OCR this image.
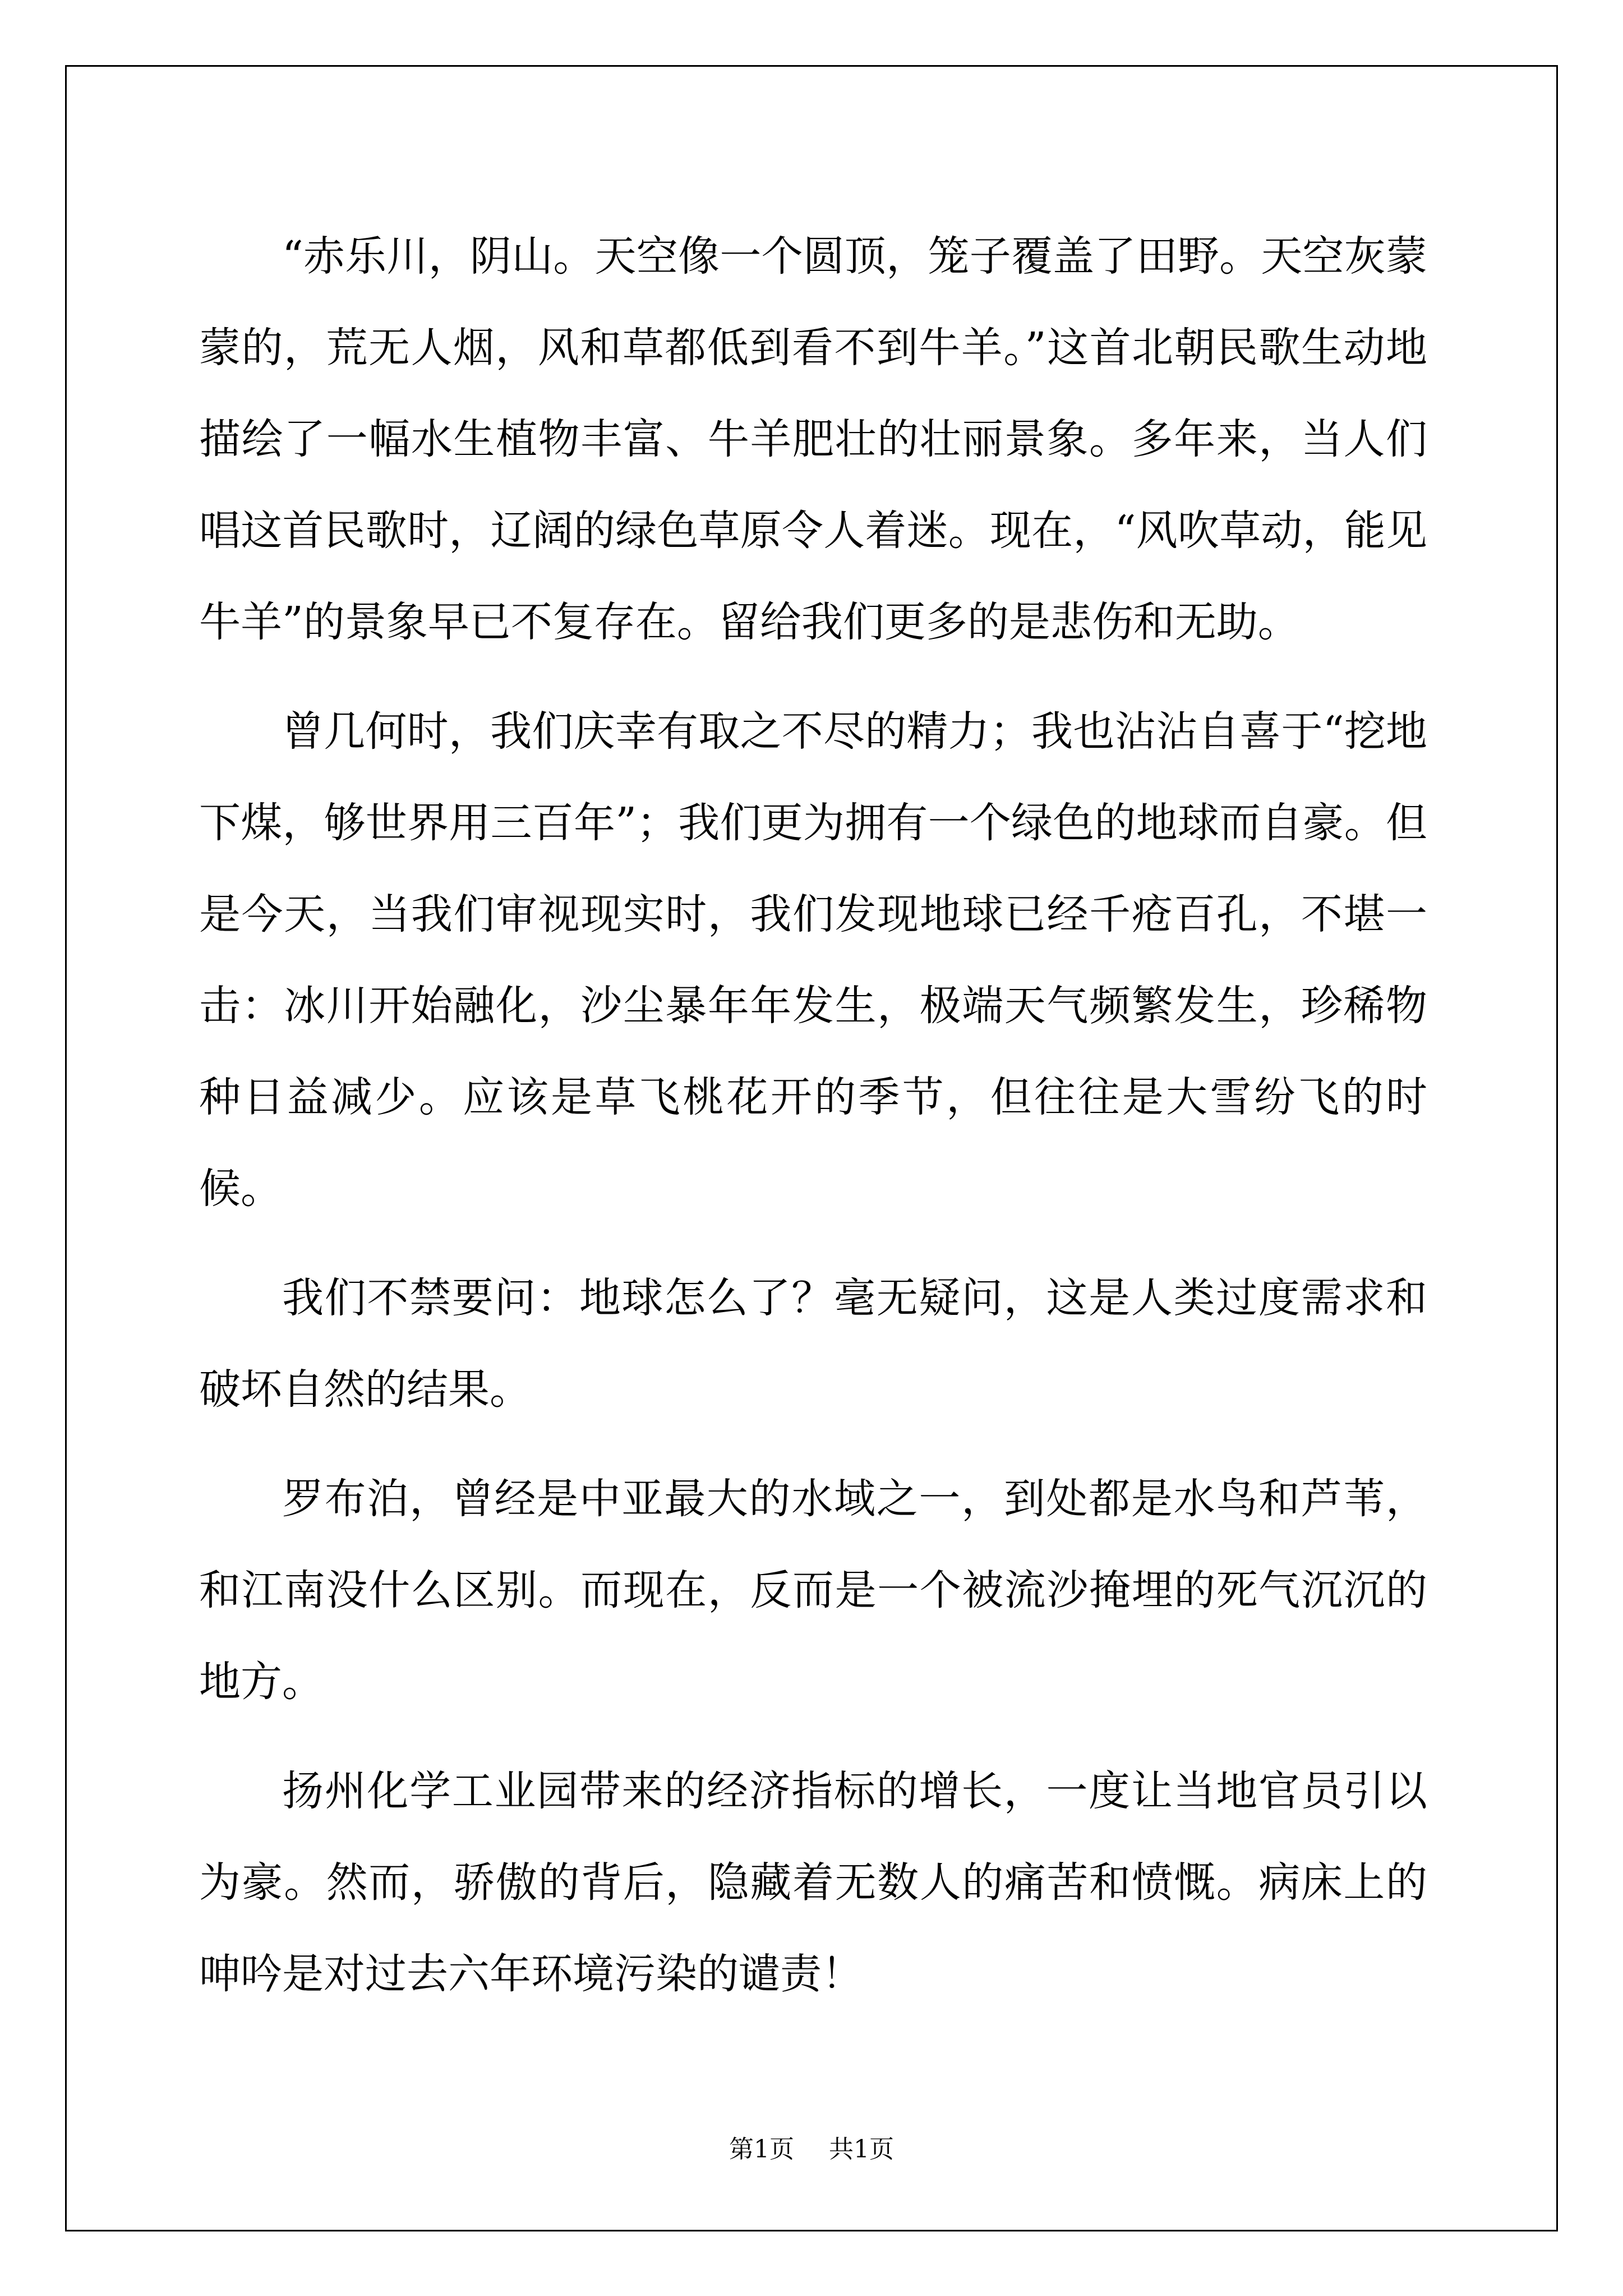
“赤乐川，阴山。天空像一个圆顶，笼子覆盖了田野。天空灰蒙蒙的，荒无人烟，风和草都低到看不到牛羊。”这首北朝民歌生动地描绘了一幅水生植物丰富、牛羊肥壮的壮丽景象。多年来，当人们唱这首民歌时，辽阔的绿色草原令人着迷。现在，“风吹草动，能见牛羊”的景象早已不复存在。留给我们更多的是悲伤和无助。

曾几何时，我们庆幸有取之不尽的精力；我也沾沾自喜于“挖地下煤，够世界用三百年”；我们更为拥有一个绿色的地球而自豪。但是今天，当我们审视现实时，我们发现地球已经千疮百孔，不堪一击：冰川开始融化，沙尘暴年年发生，极端天气频繁发生，珍稀物种日益减少。应该是草飞桃花开的季节，但往往是大雪纷飞的时候。

我们不禁要问：地球怎么了？毫无疑问，这是人类过度需求和破坏自然的结果。

罗布泊，曾经是中亚最大的水域之一，到处都是水鸟和芦苇，和江南没什么区别。而现在，反而是一个被流沙掩埋的死气沉沉的地方。

扬州化学工业园带来的经济指标的增长，一度让当地官员引以为豪。然而，骄傲的背后，隐藏着无数人的痛苦和愤慨。病床上的呻吟是对过去六年环境污染的谴责！

第1页 共1页
